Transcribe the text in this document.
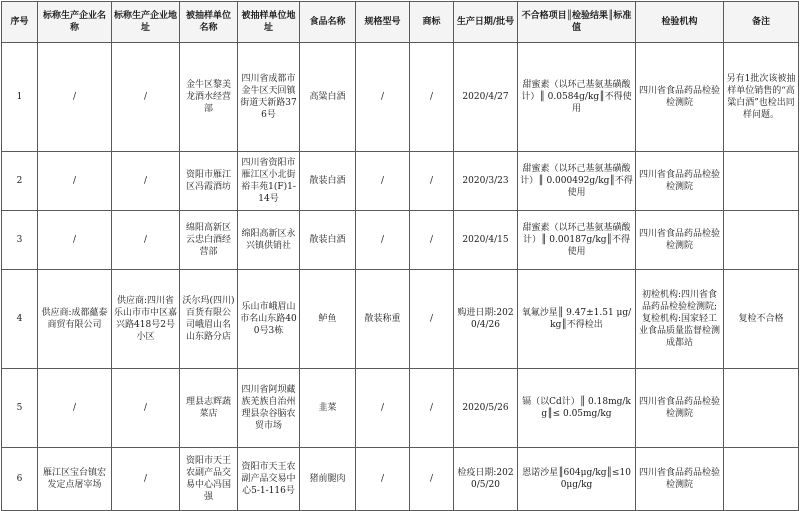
序号	标称生产企业名称	标称生产企业地址	被抽样单位名称	被抽样单位地址	食品名称	规格型号	商标	生产日期/批号	不合格项目║检验结果║标准值	检验机构	备注
1	/	/	金牛区黎美龙酒水经营部	四川省成都市金牛区天回镇街道天新路376号	高粱白酒	/	/	2020/4/27	甜蜜素（以环己基氨基磺酸计）║ 0.0584g/kg║不得使用	四川省食品药品检验检测院	另有1批次该被抽样单位销售的“高粱白酒”也检出同样问题。
2	/	/	资阳市雁江区冯霞酒坊	四川省资阳市雁江区小北街裕丰苑1(F)1-14号	散装白酒	/	/	2020/3/23	甜蜜素（以环己基氨基磺酸计）║ 0.000492g/kg║不得使用	四川省食品药品检验检测院	
3	/	/	绵阳高新区云忠白酒经营部	绵阳高新区永兴镇供销社	散装白酒	/	/	2020/4/15	甜蜜素（以环己基氨基磺酸计）║ 0.00187g/kg║不得使用	四川省食品药品检验检测院	
4	供应商:成都蘊泰商贸有限公司	供应商:四川省乐山市市中区嘉兴路418号2号小区	沃尔玛(四川)百货有限公司峨眉山名山东路分店	乐山市峨眉山市名山东路400号3栋	鲈鱼	散装称重	/	购进日期:2020/4/26	氧氟沙星║ 9.47±1.51 μg/kg║不得检出	初检机构:四川省食品药品检验检测院;复检机构:国家轻工业食品质量监督检测成都站	复检不合格
5	/	/	理县志辉蔬菜店	四川省阿坝藏族羌族自治州理县杂谷脑农贸市场	韭菜	/	/	2020/5/26	镉（以Cd计）║ 0.18mg/kg║≤ 0.05mg/kg	四川省食品药品检验检测院	
6	雁江区宝台镇宏发定点屠宰场	/	资阳市天王农副产品交易中心冯国强	资阳市天王农副产品交易中心5-1-116号	猪前腿肉	/	/	检疫日期:2020/5/20	恩诺沙星║604μg/kg║≤100μg/kg	四川省食品药品检验检测院	
